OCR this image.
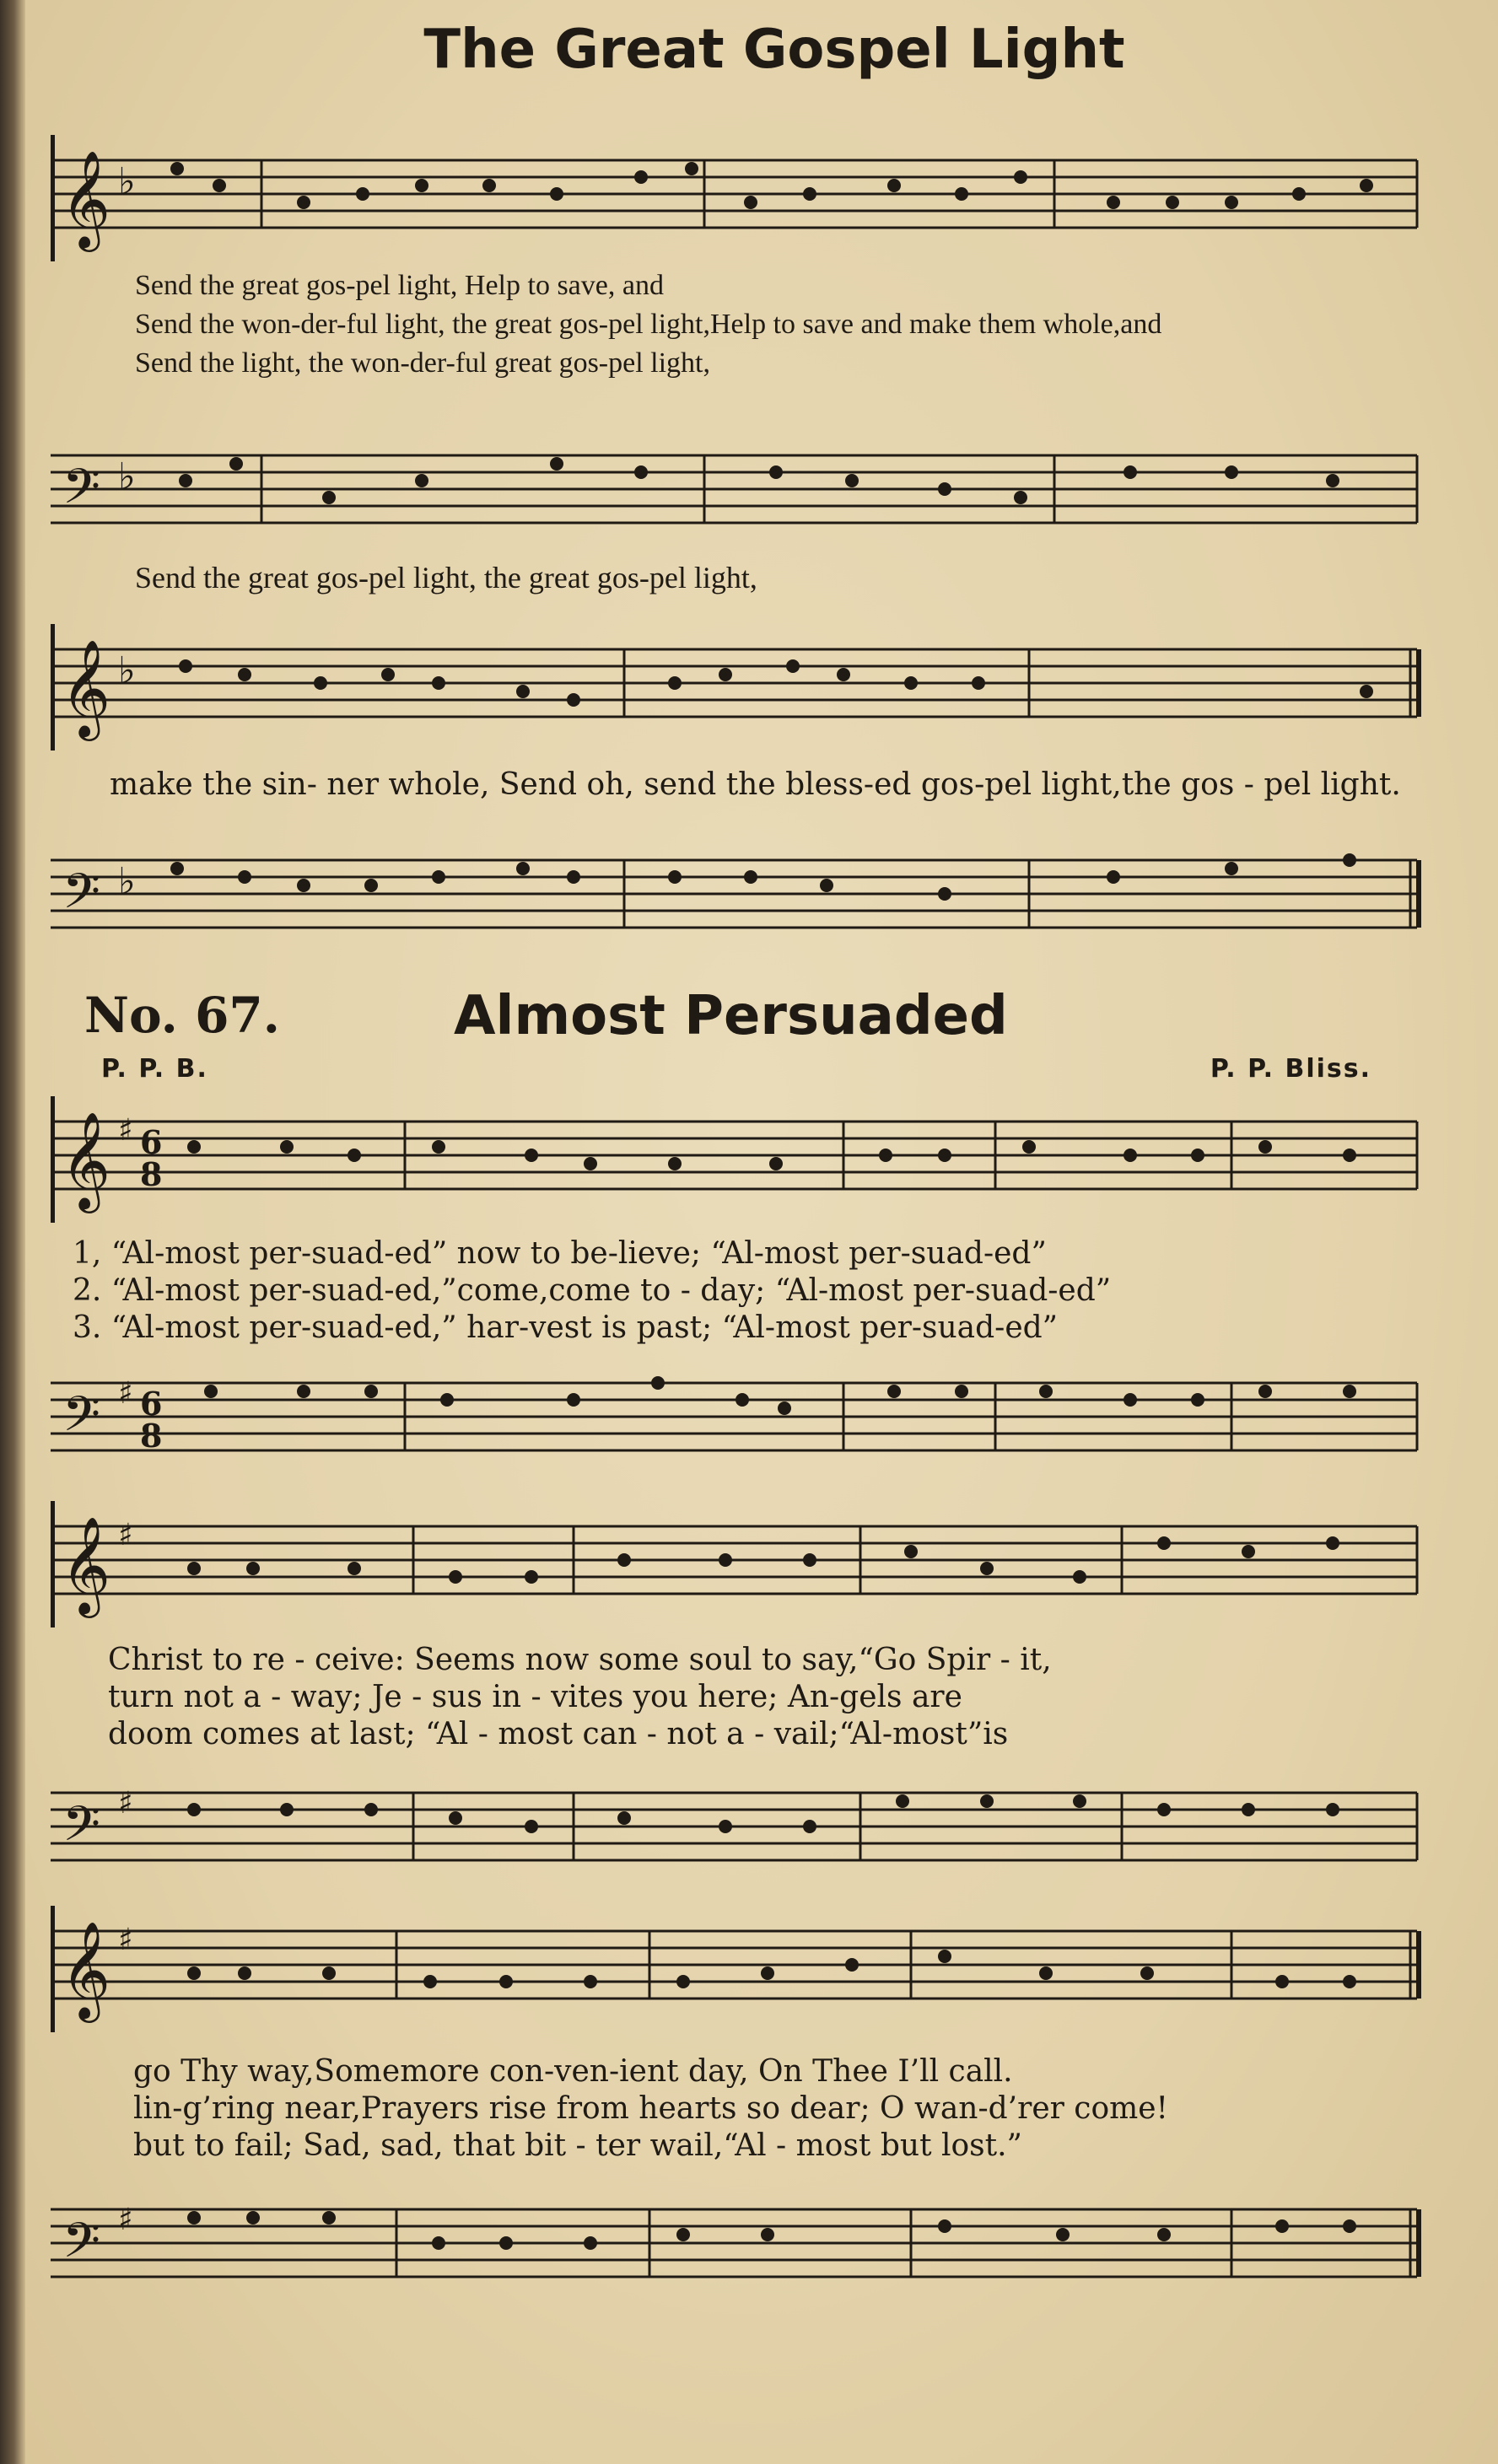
The Great Gospel Light
𝄞 ♭
Send the great gos-pel light, Help to save, and
Send the won-der-ful light, the great gos-pel light,Help to save and make them whole,and
Send the light, the won-der-ful great gos-pel light,
𝄢 ♭
Send the great gos-pel light, the great gos-pel light,
𝄞 ♭
make the sin- ner whole, Send oh, send the bless-ed gos-pel light,the gos - pel light.
𝄢 ♭
No. 67.	Almost Persuaded
P. P. B.	P. P. Bliss.
𝄞 ♯ 6
8
1, “Al-most per-suad-ed” now to be-lieve; “Al-most per-suad-ed”
2. “Al-most per-suad-ed,”come,come to - day; “Al-most per-suad-ed”
3. “Al-most per-suad-ed,” har-vest is past; “Al-most per-suad-ed”
𝄢 ♯ 6
8
𝄞 ♯
Christ to re - ceive: Seems now some soul to say,“Go Spir - it,
turn not a - way; Je - sus in - vites you here; An-gels are
doom comes at last; “Al - most can - not a - vail;“Al-most”is
𝄢 ♯
𝄞 ♯
go Thy way,Somemore con-ven-ient day, On Thee I’ll call.
lin-g’ring near,Prayers rise from hearts so dear; O wan-d’rer come!
but to fail; Sad, sad, that bit - ter wail,“Al - most but lost.”
𝄢 ♯
